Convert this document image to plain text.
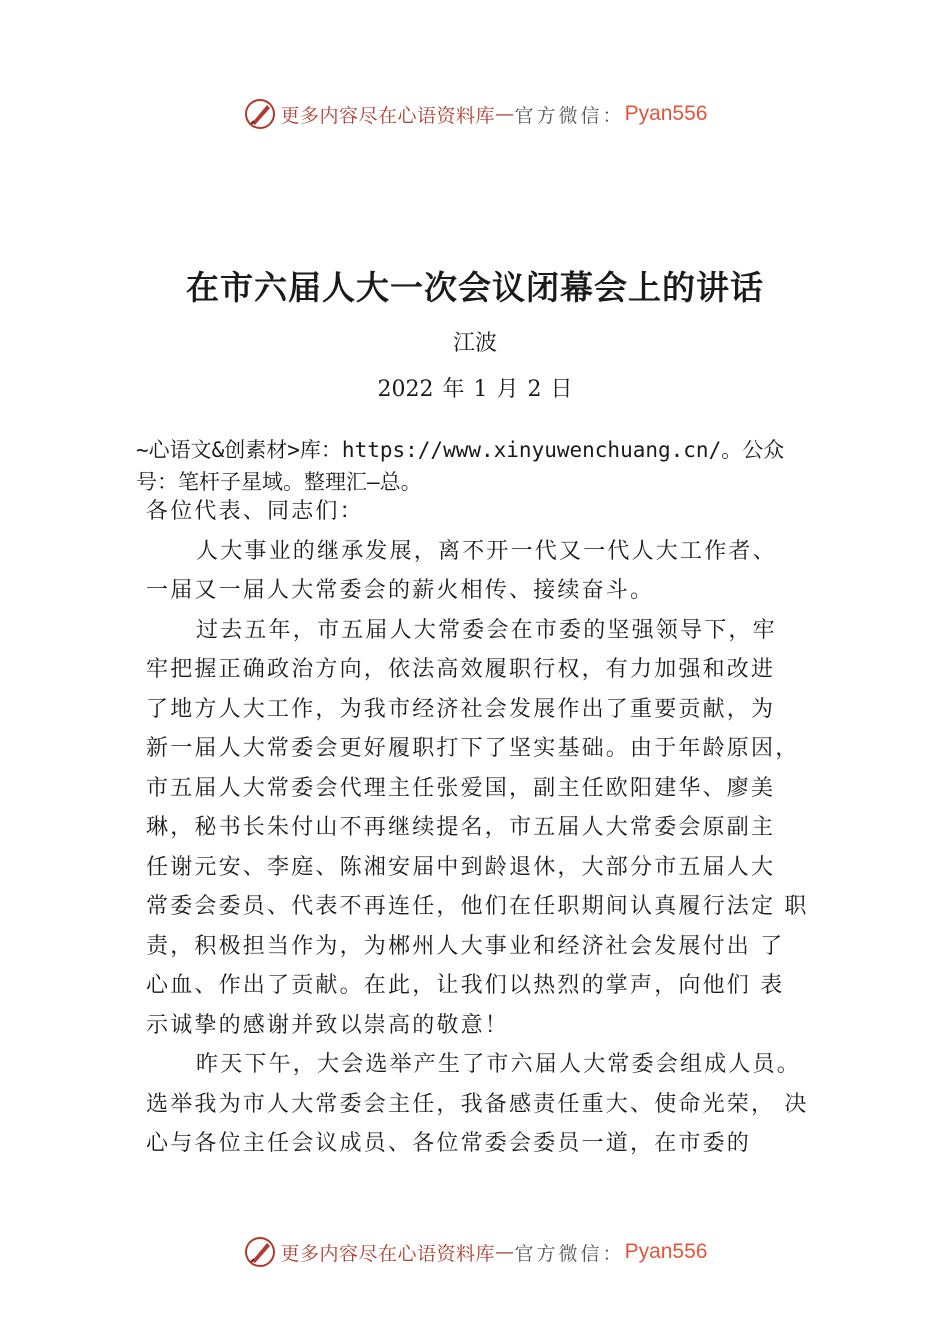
更多内容尽在心语资料库 — 官方微信： Pyan556
在市六届人大一次会议闭幕会上的讲话
江波
2022 年 1 月 2 日
~心语文&创素材>库：https://www.xinyuwenchuang.cn/。公众
号：笔杆子星域。整理汇—总。
各位代表、同志们：

人大事业的继承发展，离不开一代又一代人大工作者、
一届又一届人大常委会的薪火相传、接续奋斗。

过去五年，市五届人大常委会在市委的坚强领导下，牢
牢把握正确政治方向，依法高效履职行权，有力加强和改进
了地方人大工作，为我市经济社会发展作出了重要贡献，为
新一届人大常委会更好履职打下了坚实基础。由于年龄原因，
市五届人大常委会代理主任张爱国，副主任欧阳建华、廖美
琳，秘书长朱付山不再继续提名，市五届人大常委会原副主
任谢元安、李庭、陈湘安届中到龄退休，大部分市五届人大
常委会委员、代表不再连任，他们在任职期间认真履行法定 职
责，积极担当作为，为郴州人大事业和经济社会发展付出 了
心血、作出了贡献。在此，让我们以热烈的掌声，向他们 表
示诚挚的感谢并致以崇高的敬意！

昨天下午，大会选举产生了市六届人大常委会组成人员。
选举我为市人大常委会主任，我备感责任重大、使命光荣， 决
心与各位主任会议成员、各位常委会委员一道，在市委的

更多内容尽在心语资料库 — 官方微信： Pyan556
